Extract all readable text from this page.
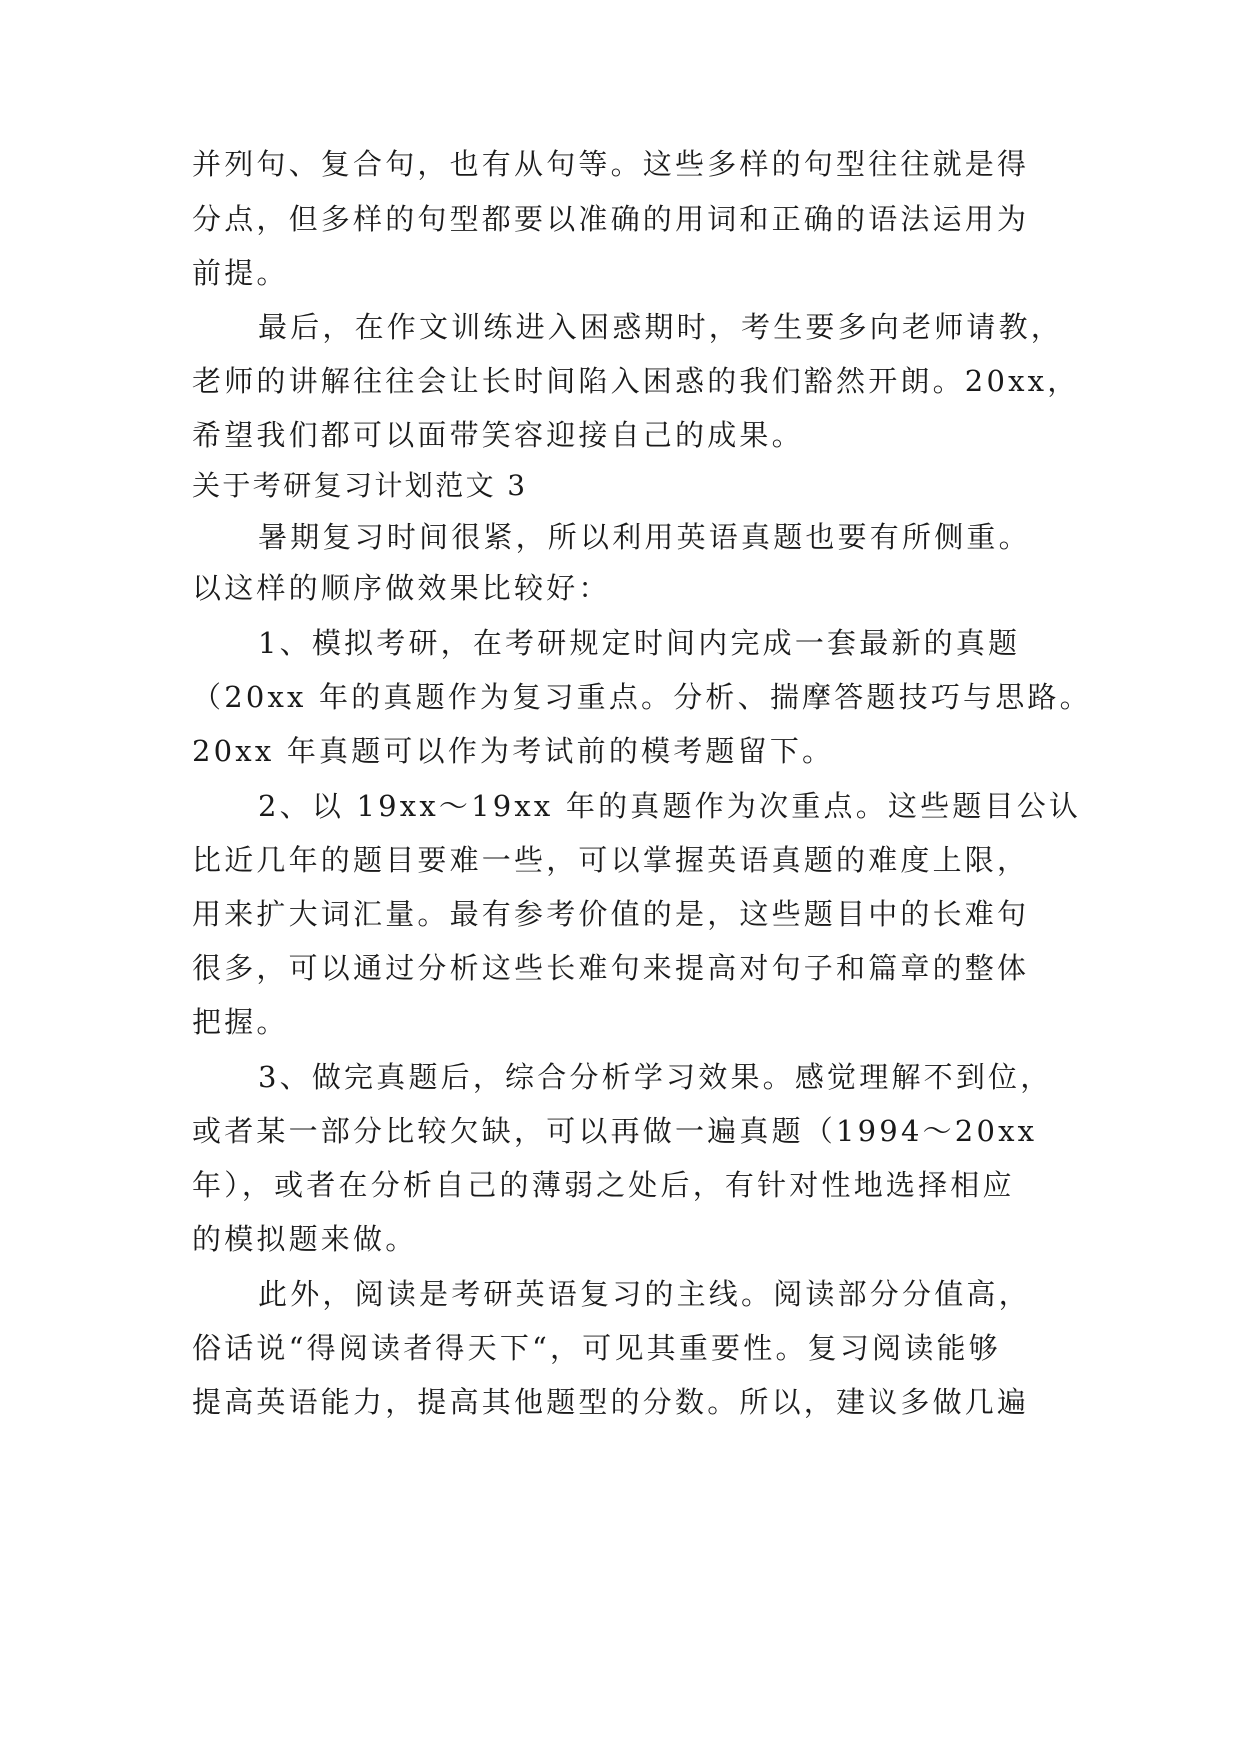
并列句、复合句，也有从句等。这些多样的句型往往就是得
分点，但多样的句型都要以准确的用词和正确的语法运用为
前提。
最后，在作文训练进入困惑期时，考生要多向老师请教，
老师的讲解往往会让长时间陷入困惑的我们豁然开朗。20xx，
希望我们都可以面带笑容迎接自己的成果。
关于考研复习计划范文 3
暑期复习时间很紧，所以利用英语真题也要有所侧重。
以这样的顺序做效果比较好：
1、模拟考研，在考研规定时间内完成一套最新的真题
（20xx 年的真题作为复习重点。分析、揣摩答题技巧与思路。
20xx 年真题可以作为考试前的模考题留下。
2、以 19xx～19xx 年的真题作为次重点。这些题目公认
比近几年的题目要难一些，可以掌握英语真题的难度上限，
用来扩大词汇量。最有参考价值的是，这些题目中的长难句
很多，可以通过分析这些长难句来提高对句子和篇章的整体
把握。
3、做完真题后，综合分析学习效果。感觉理解不到位，
或者某一部分比较欠缺，可以再做一遍真题（1994～20xx
年），或者在分析自己的薄弱之处后，有针对性地选择相应
的模拟题来做。
此外，阅读是考研英语复习的主线。阅读部分分值高，
俗话说“得阅读者得天下“，可见其重要性。复习阅读能够
提高英语能力，提高其他题型的分数。所以，建议多做几遍
